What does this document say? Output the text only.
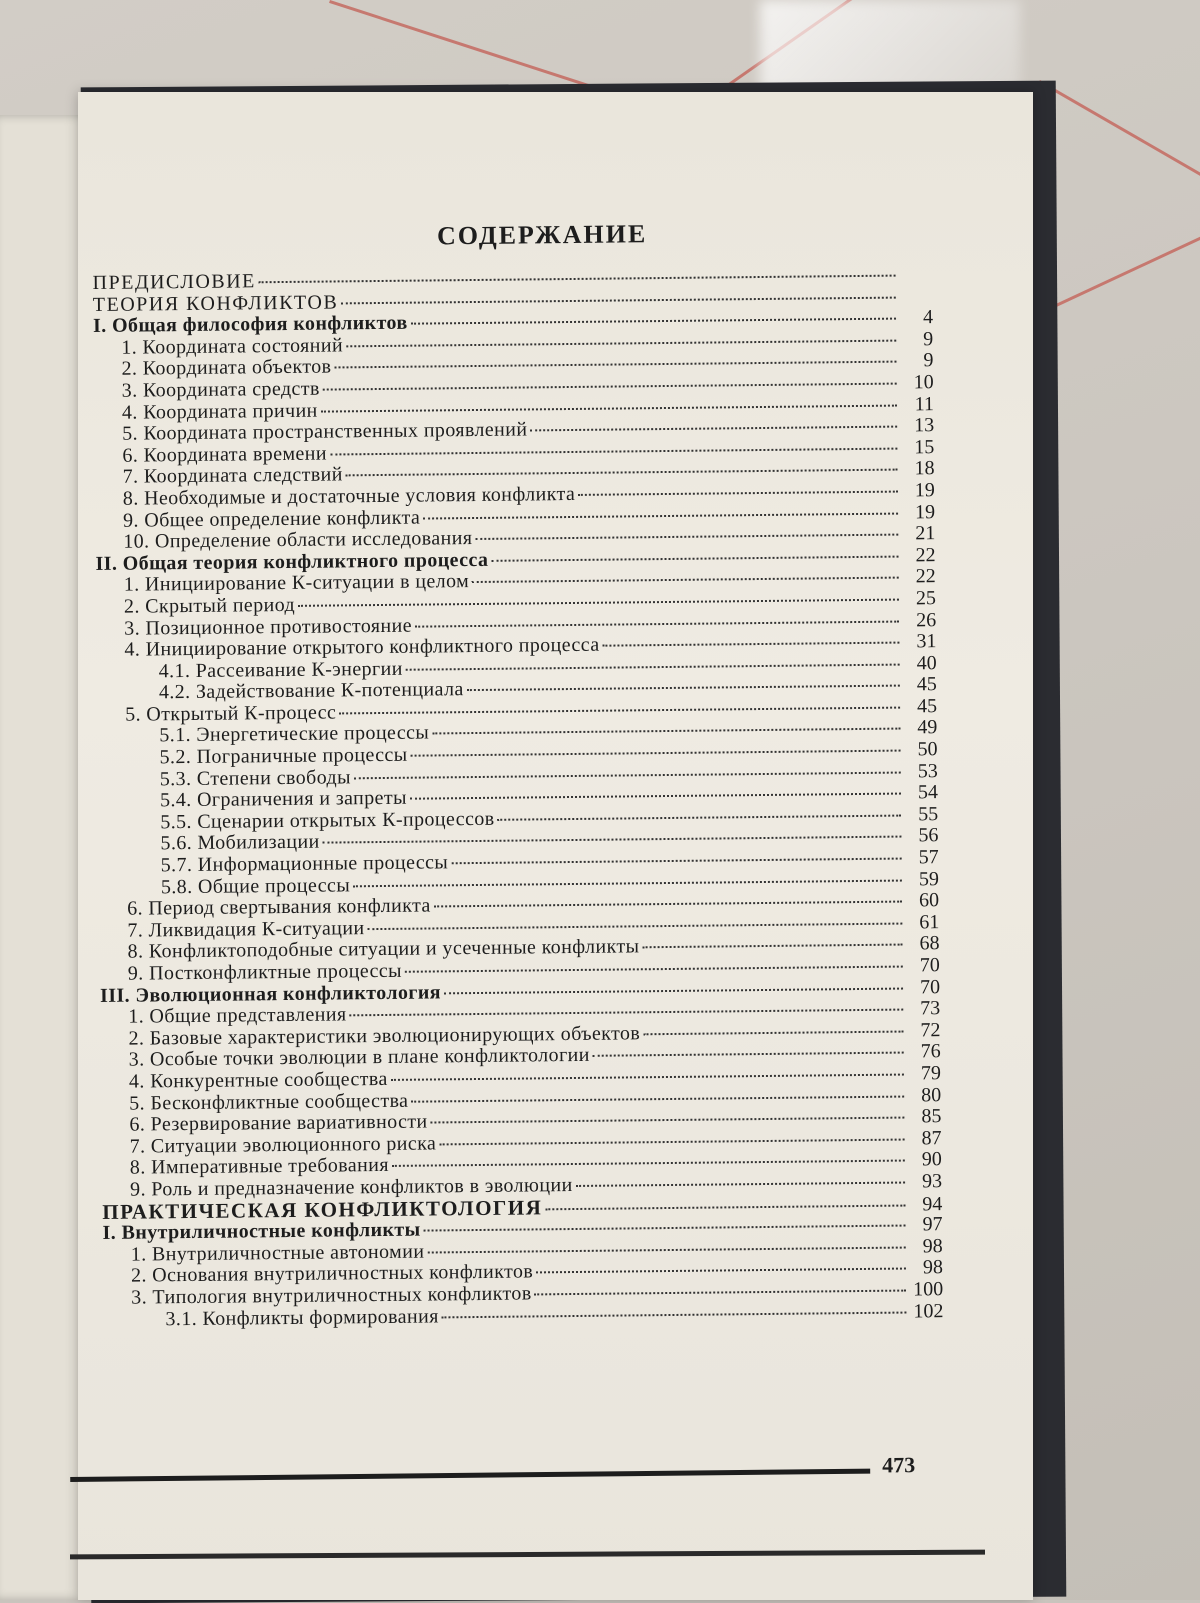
СОДЕРЖАНИЕ
ПРЕДИСЛОВИЕ
ТЕОРИЯ КОНФЛИКТОВ
I. Общая философия конфликтов	4
1. Координата состояний	9
2. Координата объектов	9
3. Координата средств	10
4. Координата причин	11
5. Координата пространственных проявлений	13
6. Координата времени	15
7. Координата следствий	18
8. Необходимые и достаточные условия конфликта	19
9. Общее определение конфликта	19
10. Определение области исследования	21
II. Общая теория конфликтного процесса	22
1. Инициирование К-ситуации в целом	22
2. Скрытый период	25
3. Позиционное противостояние	26
4. Инициирование открытого конфликтного процесса	31
4.1. Рассеивание К-энергии	40
4.2. Задействование К-потенциала	45
5. Открытый К-процесс	45
5.1. Энергетические процессы	49
5.2. Пограничные процессы	50
5.3. Степени свободы	53
5.4. Ограничения и запреты	54
5.5. Сценарии открытых К-процессов	55
5.6. Мобилизации	56
5.7. Информационные процессы	57
5.8. Общие процессы	59
6. Период свертывания конфликта	60
7. Ликвидация К-ситуации	61
8. Конфликтоподобные ситуации и усеченные конфликты	68
9. Постконфликтные процессы	70
III. Эволюционная конфликтология	70
1. Общие представления	73
2. Базовые характеристики эволюционирующих объектов	72
3. Особые точки эволюции в плане конфликтологии	76
4. Конкурентные сообщества	79
5. Бесконфликтные сообщества	80
6. Резервирование вариативности	85
7. Ситуации эволюционного риска	87
8. Императивные требования	90
9. Роль и предназначение конфликтов в эволюции	93
ПРАКТИЧЕСКАЯ КОНФЛИКТОЛОГИЯ	94
I. Внутриличностные конфликты	97
1. Внутриличностные автономии	98
2. Основания внутриличностных конфликтов	98
3. Типология внутриличностных конфликтов	100
3.1. Конфликты формирования	102
473
